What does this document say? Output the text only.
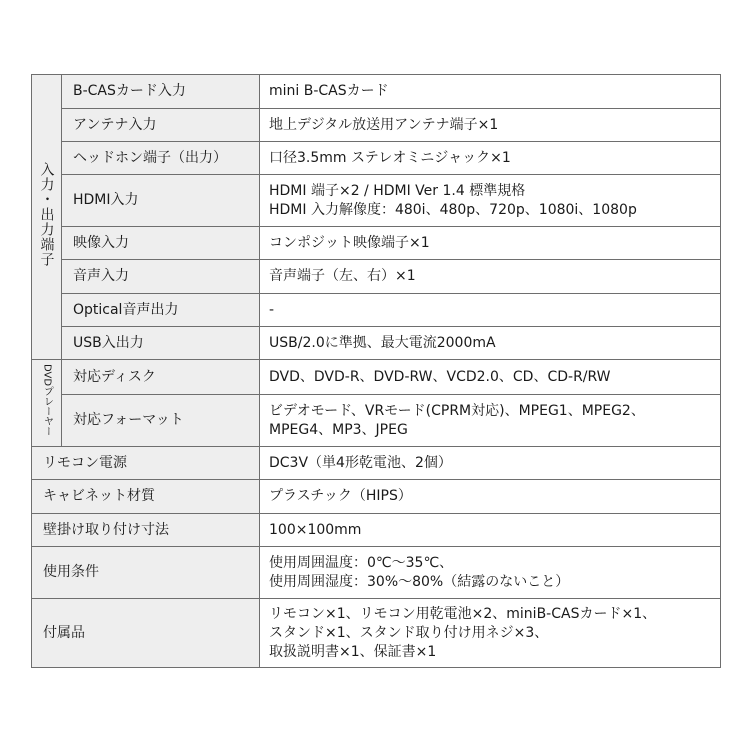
入力・出力端子	B-CASカード入力	mini B-CASカード
	アンテナ入力	地上デジタル放送用アンテナ端子×1
	ヘッドホン端子（出力）	口径3.5mm ステレオミニジャック×1
	HDMI入力	HDMI 端子×2 / HDMI Ver 1.4 標準規格
HDMI 入力解像度：480i、480p、720p、1080i、1080p

	映像入力	コンポジット映像端子×1
	音声入力	音声端子（左、右）×1
	Optical音声出力	-
	USB入出力	USB/2.0に準拠、最大電流2000mA
DVDプレーヤー	対応ディスク	DVD、DVD-R、DVD-RW、VCD2.0、CD、CD-R/RW
	対応フォーマット	ビデオモード、VRモード(CPRM対応)、MPEG1、MPEG2、
MPEG4、MP3、JPEG

リモコン電源		DC3V（単4形乾電池、2個）
キャビネット材質		プラスチック（HIPS）
壁掛け取り付け寸法		100×100mm
使用条件		使用周囲温度：0℃～35℃、
使用周囲湿度：30%～80%（結露のないこと）

付属品		リモコン×1、リモコン用乾電池×2、miniB-CASカード×1、
スタンド×1、スタンド取り付け用ネジ×3、
取扱説明書×1、保証書×1
